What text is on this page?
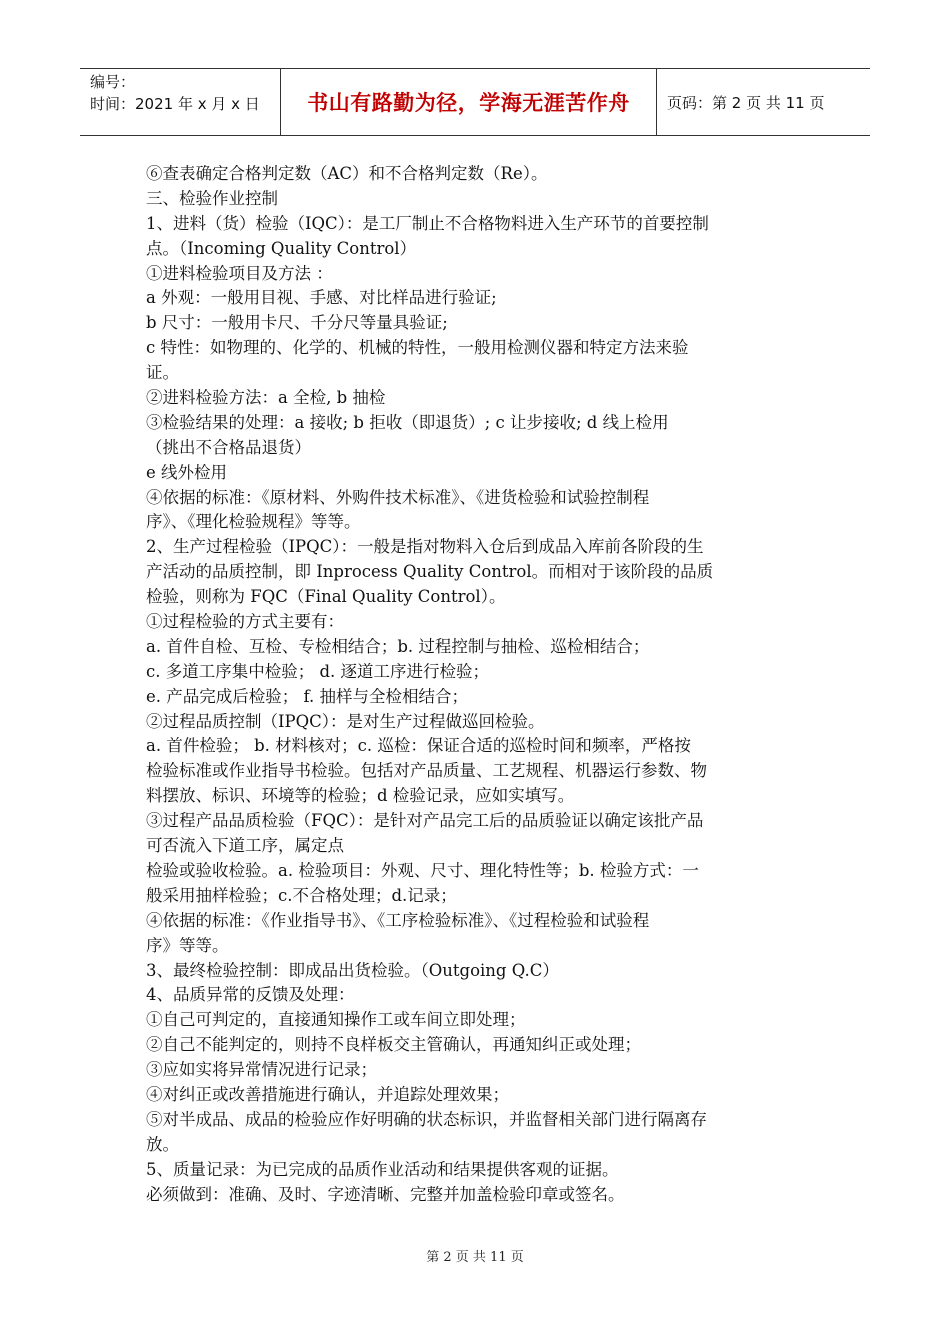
编号：
时间：2021 年 x 月 x 日	书山有路勤为径，学海无涯苦作舟	页码：第 2 页 共 11 页
⑥查表确定合格判定数（AC）和不合格判定数（Re）。
三、检验作业控制
1、进料（货）检验（IQC）：是工厂制止不合格物料进入生产环节的首要控制
点。（Incoming Quality Control）
①进料检验项目及方法 ：
a 外观：一般用目视、手感、对比样品进行验证;
b 尺寸：一般用卡尺、千分尺等量具验证;
c 特性：如物理的、化学的、机械的特性，一般用检测仪器和特定方法来验
证。
②进料检验方法：a 全检, b 抽检
③检验结果的处理：a 接收; b 拒收（即退货）; c 让步接收; d 线上检用
（挑出不合格品退货）
e 线外检用
④依据的标准：《原材料、外购件技术标准》、《进货检验和试验控制程
序》、《理化检验规程》等等。
2、生产过程检验（IPQC）：一般是指对物料入仓后到成品入库前各阶段的生
产活动的品质控制，即 Inprocess Quality Control。而相对于该阶段的品质
检验，则称为 FQC（Final Quality Control）。
①过程检验的方式主要有：
a. 首件自检、互检、专检相结合；b. 过程控制与抽检、巡检相结合；
c. 多道工序集中检验； d. 逐道工序进行检验；
e. 产品完成后检验； f. 抽样与全检相结合；
②过程品质控制（IPQC）：是对生产过程做巡回检验。
a. 首件检验； b. 材料核对；c. 巡检：保证合适的巡检时间和频率，严格按
检验标准或作业指导书检验。包括对产品质量、工艺规程、机器运行参数、物
料摆放、标识、环境等的检验；d 检验记录，应如实填写。
③过程产品品质检验（FQC）：是针对产品完工后的品质验证以确定该批产品
可否流入下道工序，属定点
检验或验收检验。a. 检验项目：外观、尺寸、理化特性等；b. 检验方式：一
般采用抽样检验；c.不合格处理；d.记录；
④依据的标准：《作业指导书》、《工序检验标准》、《过程检验和试验程
序》等等。
3、最终检验控制：即成品出货检验。（Outgoing Q.C）
4、品质异常的反馈及处理：
①自己可判定的，直接通知操作工或车间立即处理；
②自己不能判定的，则持不良样板交主管确认，再通知纠正或处理；
③应如实将异常情况进行记录；
④对纠正或改善措施进行确认，并追踪处理效果；
⑤对半成品、成品的检验应作好明确的状态标识，并监督相关部门进行隔离存
放。
5、质量记录：为已完成的品质作业活动和结果提供客观的证据。
必须做到：准确、及时、字迹清晰、完整并加盖检验印章或签名。
第 2 页 共 11 页
